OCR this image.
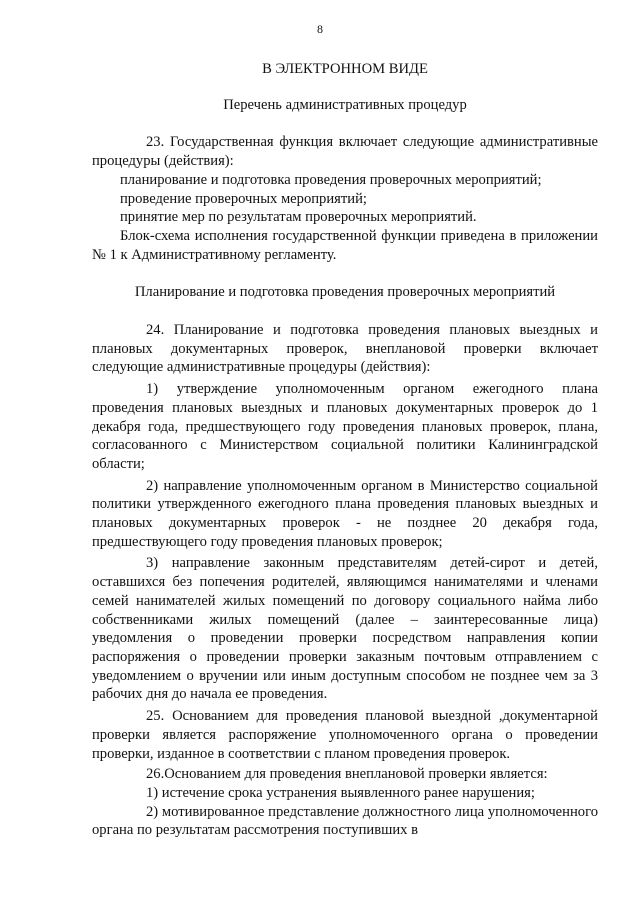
8

В ЭЛЕКТРОННОМ ВИДЕ

Перечень административных процедур

23. Государственная функция включает следующие административные процедуры (действия):

планирование и подготовка проведения проверочных мероприятий;

проведение проверочных мероприятий;

принятие мер по результатам проверочных мероприятий.

Блок-схема исполнения государственной функции приведена в приложении № 1 к Административному регламенту.

Планирование и подготовка проведения проверочных мероприятий

24. Планирование и подготовка проведения плановых выездных и плановых документарных проверок, внеплановой проверки включает следующие административные процедуры (действия):

1) утверждение уполномоченным органом ежегодного плана проведения плановых выездных и плановых документарных проверок до 1 декабря года, предшествующего году проведения плановых проверок, плана, согласованного с Министерством социальной политики Калининградской области;

2) направление уполномоченным органом в Министерство социальной политики утвержденного ежегодного плана проведения плановых выездных и плановых документарных проверок - не позднее 20 декабря года, предшествующего году проведения плановых проверок;

3) направление законным представителям детей-сирот и детей, оставшихся без попечения родителей, являющимся нанимателями и членами семей нанимателей жилых помещений по договору социального найма либо собственниками жилых помещений (далее – заинтересованные лица) уведомления о проведении проверки посредством направления копии распоряжения о проведении проверки заказным почтовым отправлением с уведомлением о вручении или иным доступным способом не позднее чем за 3 рабочих дня до начала ее проведения.

25. Основанием для проведения плановой выездной ,документарной проверки является распоряжение уполномоченного органа о проведении проверки, изданное в соответствии с планом проведения проверок.

26.Основанием для проведения внеплановой проверки является:

1) истечение срока устранения выявленного ранее нарушения;

2) мотивированное представление должностного лица уполномоченного органа по результатам рассмотрения поступивших в
